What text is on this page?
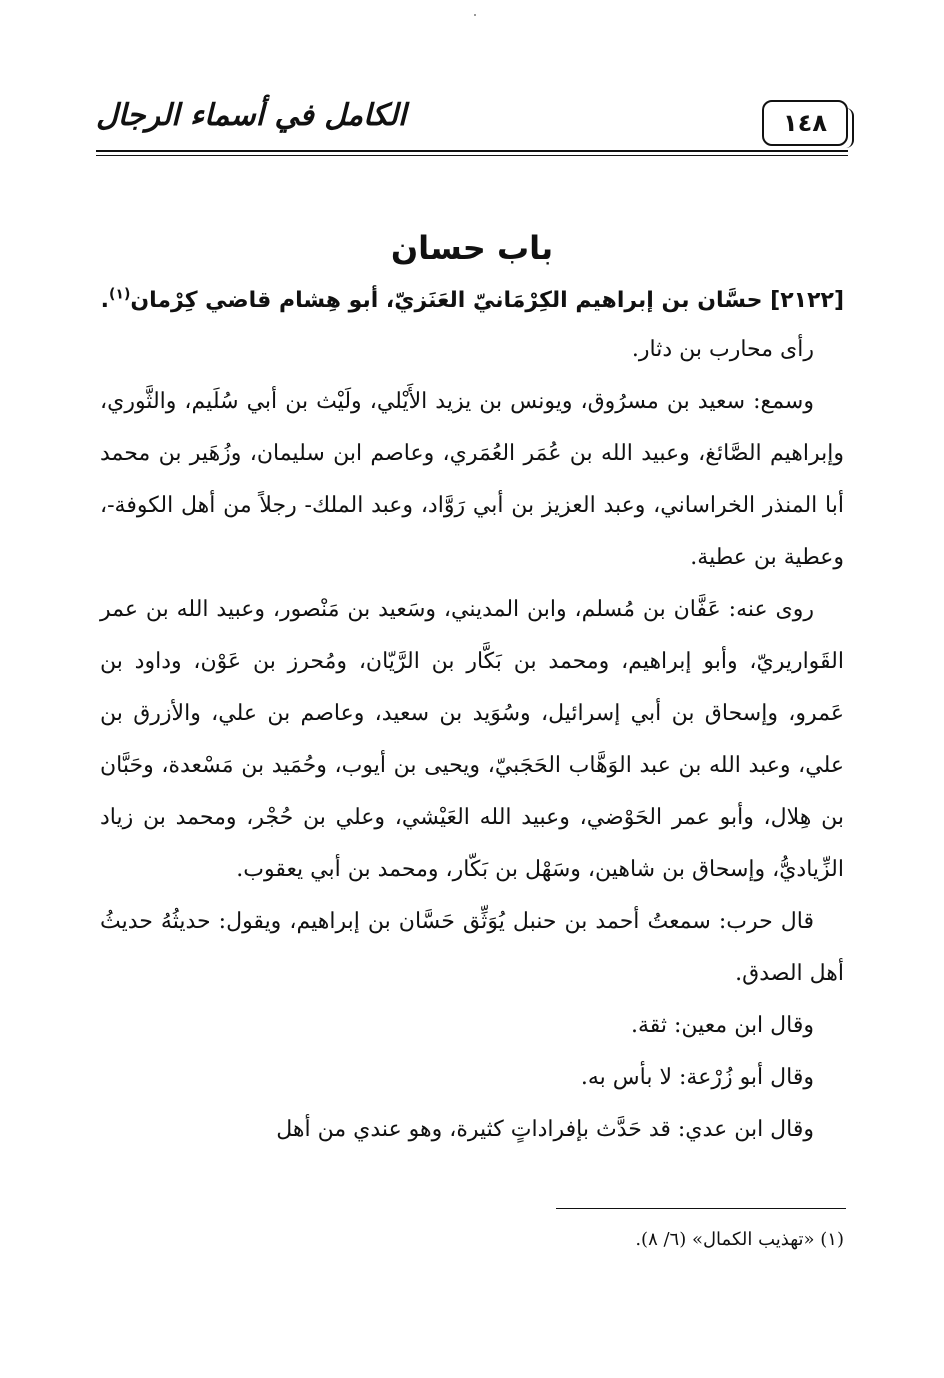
الكامل في أسماء الرجال	١٤٨
باب حسان
[٢١٢٢] حسَّان بن إبراهيم الكِرْمَانيّ العَنَزيّ، أبو هِشام قاضي كِرْمان$^{(١)}$.

رأى محارب بن دثار.

وسمع: سعيد بن مسرُوق، ويونس بن يزيد الأَيْلي، ولَيْث بن أبي سُلَيم، والثَّوري، وإبراهيم الصَّائغ، وعبيد الله بن عُمَر العُمَري، وعاصم ابن سليمان، وزُهَير بن محمد أبا المنذر الخراساني، وعبد العزيز بن أبي رَوَّاد، وعبد الملك- رجلاً من أهل الكوفة-، وعطية بن عطية.

روى عنه: عَفَّان بن مُسلم، وابن المديني، وسَعيد بن مَنْصور، وعبيد الله بن عمر القَواريريّ، وأبو إبراهيم، ومحمد بن بَكَّار بن الرَّيّان، ومُحرز بن عَوْن، وداود بن عَمرو، وإسحاق بن أبي إسرائيل، وسُوَيد بن سعيد، وعاصم بن علي، والأزرق بن علي، وعبد الله بن عبد الوَهَّاب الحَجَبيّ، ويحيى بن أيوب، وحُمَيد بن مَسْعدة، وحَبَّان بن هِلال، وأبو عمر الحَوْضي، وعبيد الله العَيْشي، وعلي بن حُجْر، ومحمد بن زياد الزِّياديُّ، وإسحاق بن شاهين، وسَهْل بن بَكّار، ومحمد بن أبي يعقوب.

قال حرب: سمعتُ أحمد بن حنبل يُوَثِّق حَسَّان بن إبراهيم، ويقول: حديثُهُ حديثُ أهل الصدق.

وقال ابن معين: ثقة.

وقال أبو زُرْعة: لا بأس به.

وقال ابن عدي: قد حَدَّث بإفراداتٍ كثيرة، وهو عندي من أهل

(١) «تهذيب الكمال» (٦/ ٨).
